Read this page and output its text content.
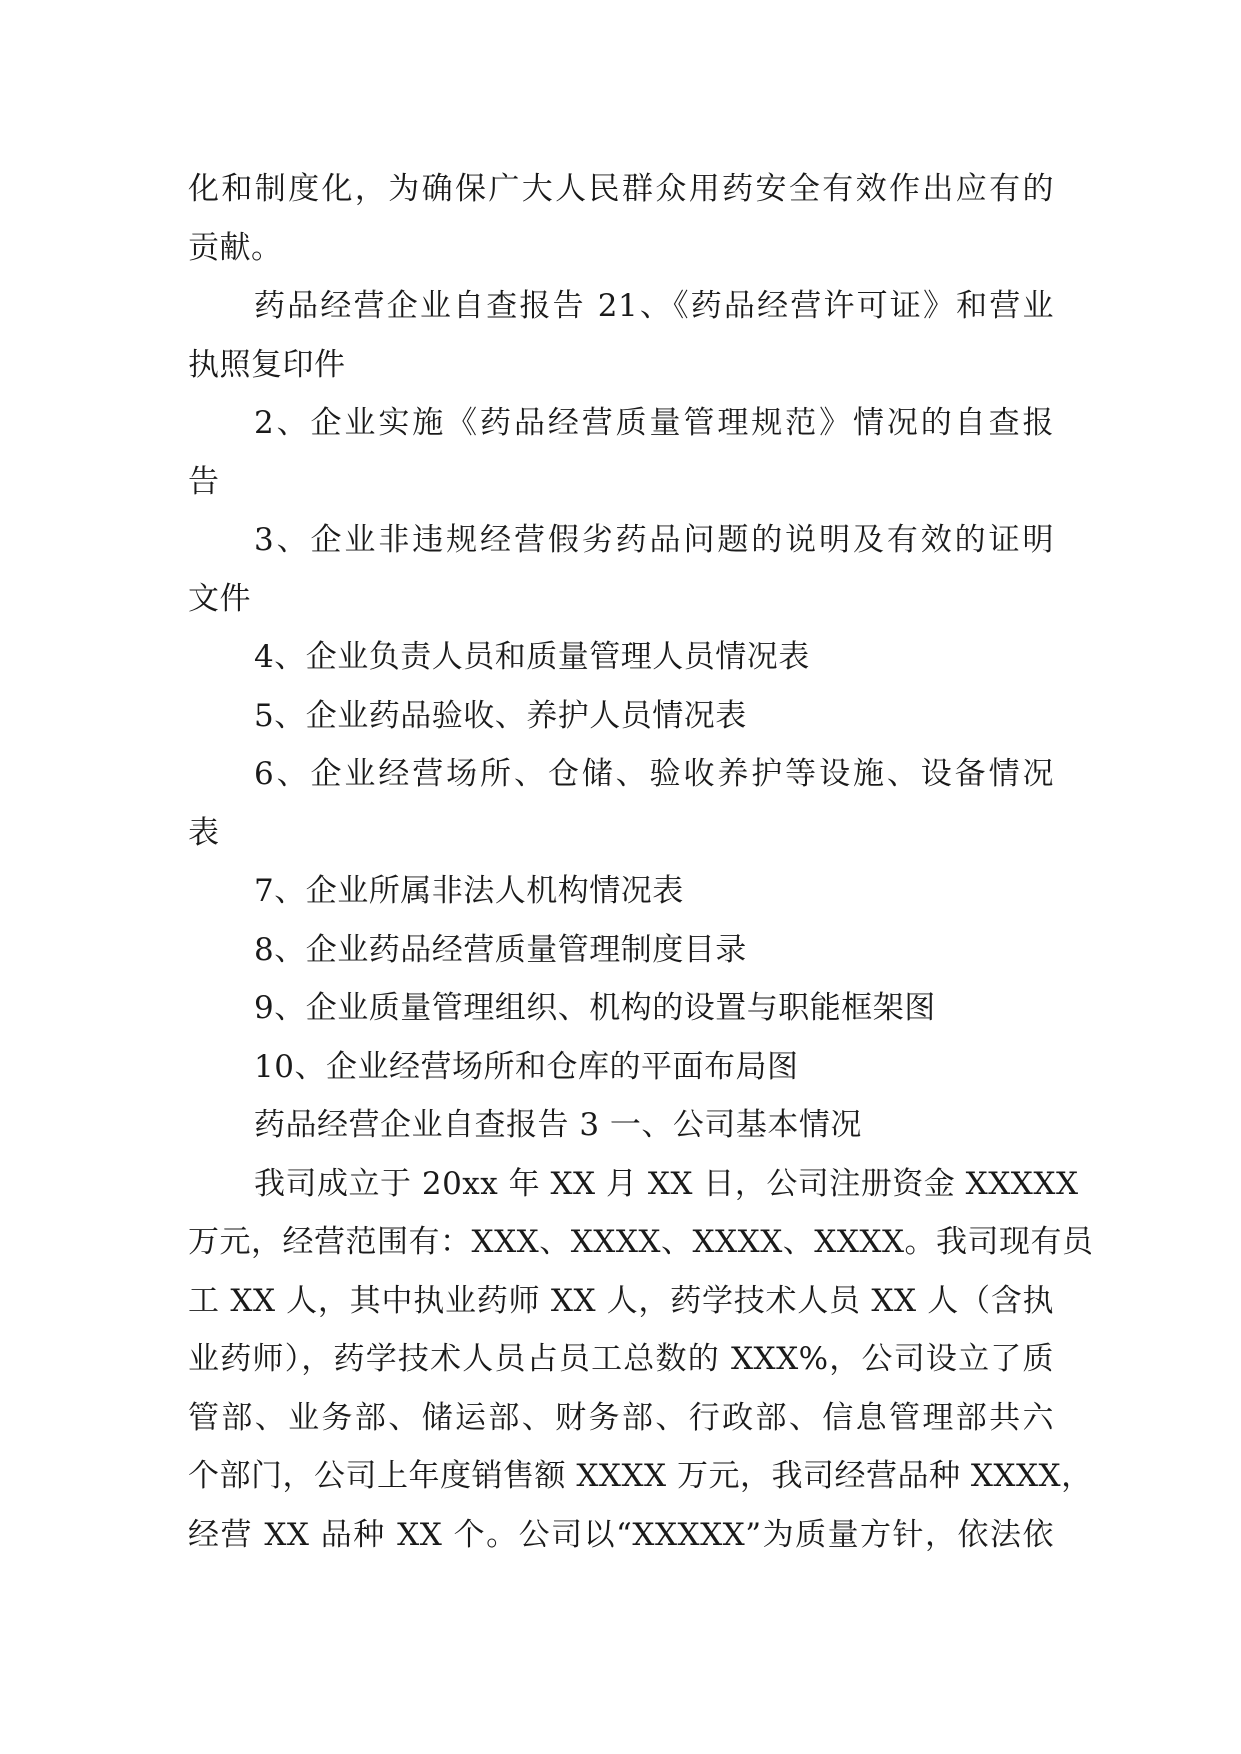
化和制度化，为确保广大人民群众用药安全有效作出应有的
贡献。
药品经营企业自查报告 21、《药品经营许可证》和营业
执照复印件
2、企业实施《药品经营质量管理规范》情况的自查报
告
3、企业非违规经营假劣药品问题的说明及有效的证明
文件
4、企业负责人员和质量管理人员情况表
5、企业药品验收、养护人员情况表
6、企业经营场所、仓储、验收养护等设施、设备情况
表
7、企业所属非法人机构情况表
8、企业药品经营质量管理制度目录
9、企业质量管理组织、机构的设置与职能框架图
10、企业经营场所和仓库的平面布局图
药品经营企业自查报告 3 一、公司基本情况
我司成立于 20xx 年 XX 月 XX 日，公司注册资金 XXXXX
万元，经营范围有：XXX、XXXX、XXXX、XXXX。我司现有员
工 XX 人，其中执业药师 XX 人，药学技术人员 XX 人（含执
业药师），药学技术人员占员工总数的 XXX%，公司设立了质
管部、业务部、储运部、财务部、行政部、信息管理部共六
个部门，公司上年度销售额 XXXX 万元，我司经营品种 XXXX，
经营 XX 品种 XX 个。公司以“XXXXX”为质量方针，依法依
